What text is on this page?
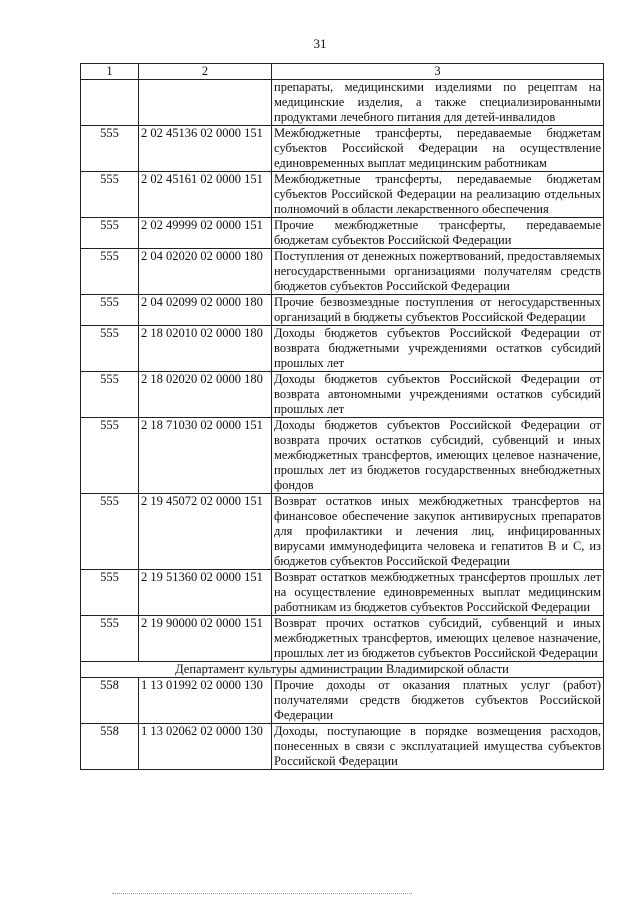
31
1	2	3
		препараты, медицинскими изделиями по рецептам на медицинские изделия, а также специализированными продуктами лечебного питания для детей-инвалидов
555	2 02 45136 02 0000 151	Межбюджетные трансферты, передаваемые бюджетам субъектов Российской Федерации на осуществление единовременных выплат медицинским работникам
555	2 02 45161 02 0000 151	Межбюджетные трансферты, передаваемые бюджетам субъектов Российской Федерации на реализацию отдельных полномочий в области лекарственного обеспечения
555	2 02 49999 02 0000 151	Прочие межбюджетные трансферты, передаваемые бюджетам субъектов Российской Федерации
555	2 04 02020 02 0000 180	Поступления от денежных пожертвований, предоставляемых негосударственными организациями получателям средств бюджетов субъектов Российской Федерации
555	2 04 02099 02 0000 180	Прочие безвозмездные поступления от негосударственных организаций в бюджеты субъектов Российской Федерации
555	2 18 02010 02 0000 180	Доходы бюджетов субъектов Российской Федерации от возврата бюджетными учреждениями остатков субсидий прошлых лет
555	2 18 02020 02 0000 180	Доходы бюджетов субъектов Российской Федерации от возврата автономными учреждениями остатков субсидий прошлых лет
555	2 18 71030 02 0000 151	Доходы бюджетов субъектов Российской Федерации от возврата прочих остатков субсидий, субвенций и иных межбюджетных трансфертов, имеющих целевое назначение, прошлых лет из бюджетов государственных внебюджетных фондов
555	2 19 45072 02 0000 151	Возврат остатков иных межбюджетных трансфертов на финансовое обеспечение закупок антивирусных препаратов для профилактики и лечения лиц, инфицированных вирусами иммунодефицита человека и гепатитов В и С, из бюджетов субъектов Российской Федерации
555	2 19 51360 02 0000 151	Возврат остатков межбюджетных трансфертов прошлых лет на осуществление единовременных выплат медицинским работникам из бюджетов субъектов Российской Федерации
555	2 19 90000 02 0000 151	Возврат прочих остатков субсидий, субвенций и иных межбюджетных трансфертов, имеющих целевое назначение, прошлых лет из бюджетов субъектов Российской Федерации
Департамент культуры администрации Владимирской области		
558	1 13 01992 02 0000 130	Прочие доходы от оказания платных услуг (работ) получателями средств бюджетов субъектов Российской Федерации
558	1 13 02062 02 0000 130	Доходы, поступающие в порядке возмещения расходов, понесенных в связи с эксплуатацией имущества субъектов Российской Федерации
